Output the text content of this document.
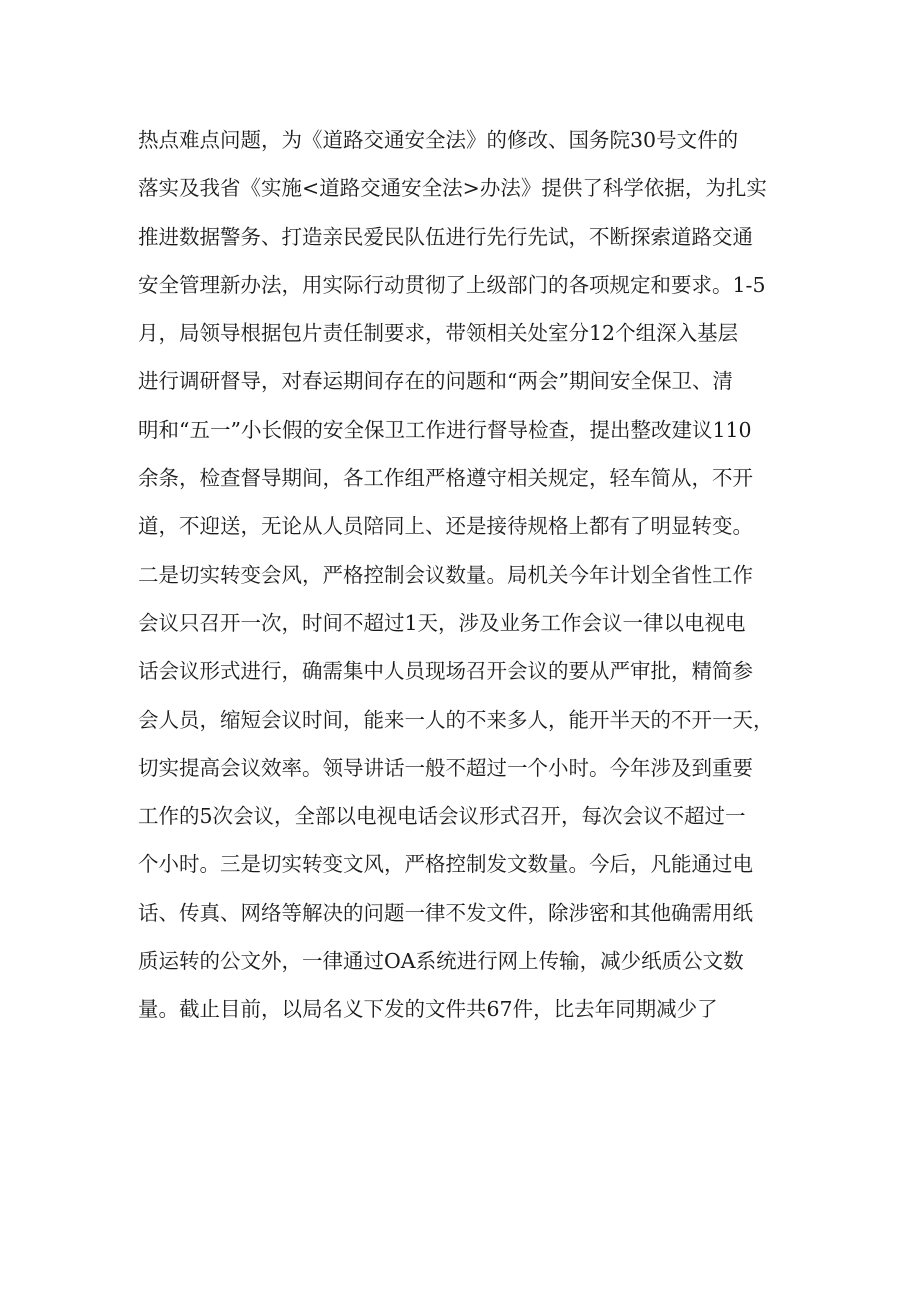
热点难点问题，为《道路交通安全法》的修改、国务院30号文件的
落实及我省《实施<道路交通安全法>办法》提供了科学依据，为扎实
推进数据警务、打造亲民爱民队伍进行先行先试，不断探索道路交通
安全管理新办法，用实际行动贯彻了上级部门的各项规定和要求。1-5
月，局领导根据包片责任制要求，带领相关处室分12个组深入基层
进行调研督导，对春运期间存在的问题和“两会”期间安全保卫、清
明和“五一”小长假的安全保卫工作进行督导检查，提出整改建议110
余条，检查督导期间，各工作组严格遵守相关规定，轻车简从，不开
道，不迎送，无论从人员陪同上、还是接待规格上都有了明显转变。
二是切实转变会风，严格控制会议数量。局机关今年计划全省性工作
会议只召开一次，时间不超过1天，涉及业务工作会议一律以电视电
话会议形式进行，确需集中人员现场召开会议的要从严审批，精简参
会人员，缩短会议时间，能来一人的不来多人，能开半天的不开一天，
切实提高会议效率。领导讲话一般不超过一个小时。今年涉及到重要
工作的5次会议，全部以电视电话会议形式召开，每次会议不超过一
个小时。三是切实转变文风，严格控制发文数量。今后，凡能通过电
话、传真、网络等解决的问题一律不发文件，除涉密和其他确需用纸
质运转的公文外，一律通过OA系统进行网上传输，减少纸质公文数
量。截止目前，以局名义下发的文件共67件，比去年同期减少了
